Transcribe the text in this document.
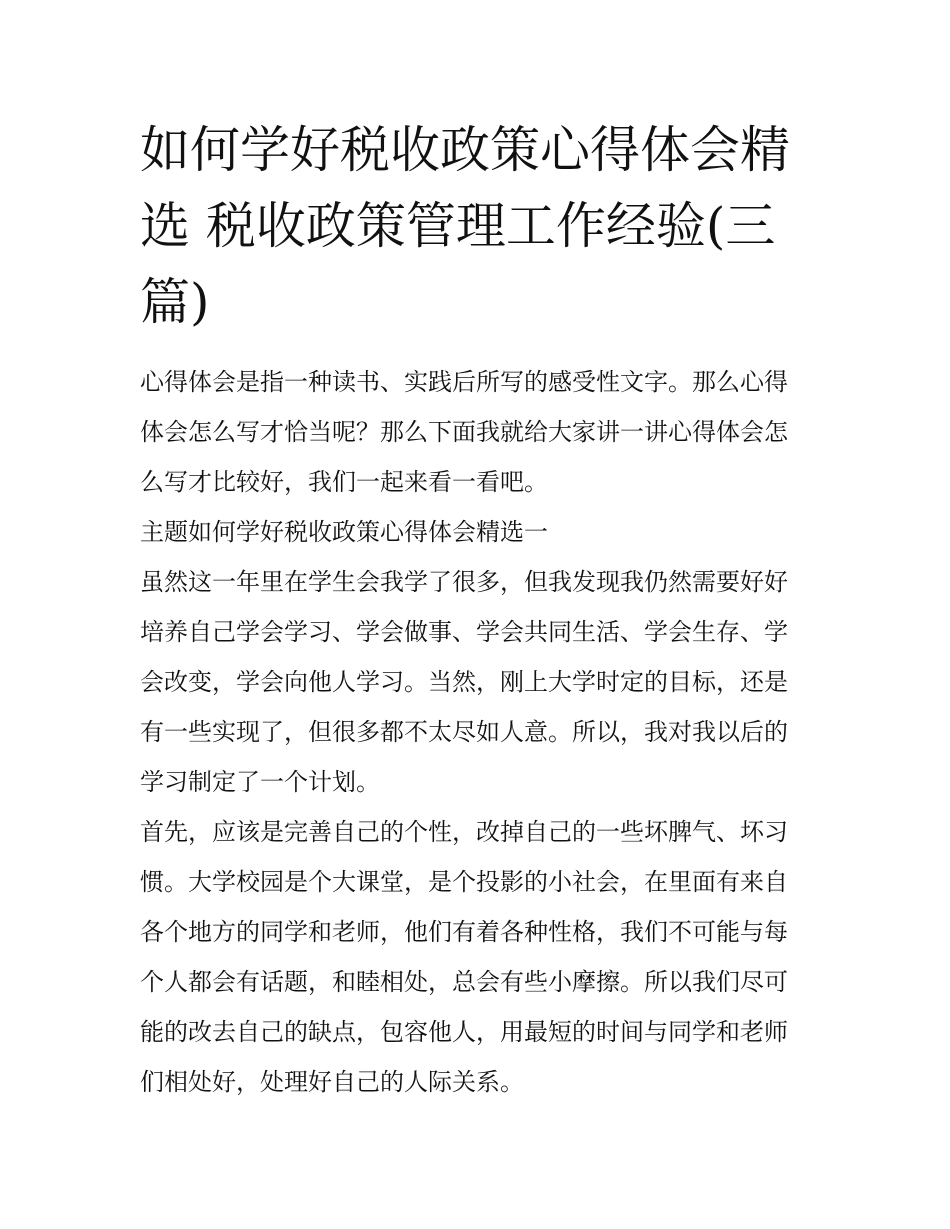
如何学好税收政策心得体会精
选 税收政策管理工作经验(三
篇)

心得体会是指一种读书、实践后所写的感受性文字。那么心得
体会怎么写才恰当呢？那么下面我就给大家讲一讲心得体会怎
么写才比较好，我们一起来看一看吧。

主题如何学好税收政策心得体会精选一

虽然这一年里在学生会我学了很多，但我发现我仍然需要好好
培养自己学会学习、学会做事、学会共同生活、学会生存、学
会改变，学会向他人学习。当然，刚上大学时定的目标，还是
有一些实现了，但很多都不太尽如人意。所以，我对我以后的
学习制定了一个计划。

首先，应该是完善自己的个性，改掉自己的一些坏脾气、坏习
惯。大学校园是个大课堂，是个投影的小社会，在里面有来自
各个地方的同学和老师，他们有着各种性格，我们不可能与每
个人都会有话题，和睦相处，总会有些小摩擦。所以我们尽可
能的改去自己的缺点，包容他人，用最短的时间与同学和老师
们相处好，处理好自己的人际关系。
